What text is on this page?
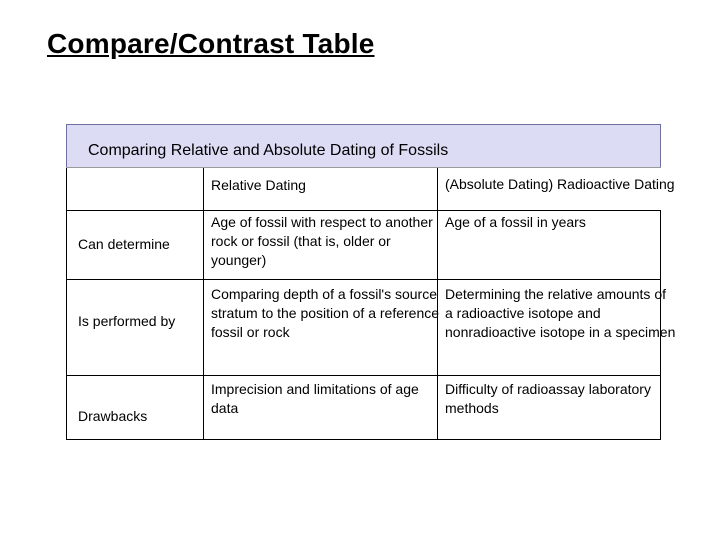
Compare/Contrast Table
Comparing Relative and Absolute Dating of Fossils
Relative Dating	(Absolute Dating) Radioactive Dating
Can determine
Age of fossil with respect to another rock or fossil (that is, older or younger)
Age of a fossil in years
Is performed by
Comparing depth of a fossil's source stratum to the position of a reference fossil or rock
Determining the relative amounts of a radioactive isotope and nonradioactive isotope in a specimen
Drawbacks
Imprecision and limitations of age data
Difficulty of radioassay laboratory methods
